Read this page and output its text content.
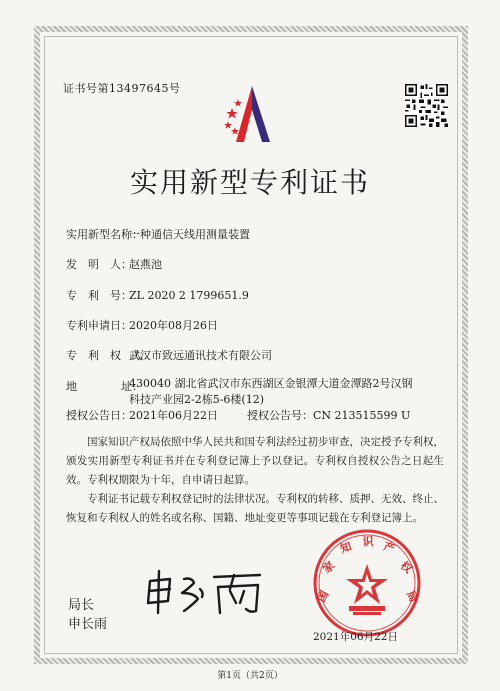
证书号第13497645号
实用新型专利证书
实用新型名称：一种通信天线用测量装置
发　明　人：赵燕池
专　利　号：ZL 2020 2 1799651.9
专利申请日：2020年08月26日
专　利　权　人：武汉市致远通讯技术有限公司
地　　　　址：
430040 湖北省武汉市东西湖区金银潭大道金潭路2号汉钢
科技产业园2-2栋5-6楼(12)
授权公告日：2021年06月22日	授权公告号：CN 213515599 U
国家知识产权局依照中华人民共和国专利法经过初步审查，决定授予专利权，颁发实用新型专利证书并在专利登记簿上予以登记。专利权自授权公告之日起生效。专利权期限为十年，自申请日起算。
专利证书记载专利权登记时的法律状况。专利权的转移、质押、无效、终止、恢复和专利权人的姓名或名称、国籍、地址变更等事项记载在专利登记簿上。
局长
申长雨
国
家
知 识 产
权
局
2021年06月22日
第1页（共2页）
